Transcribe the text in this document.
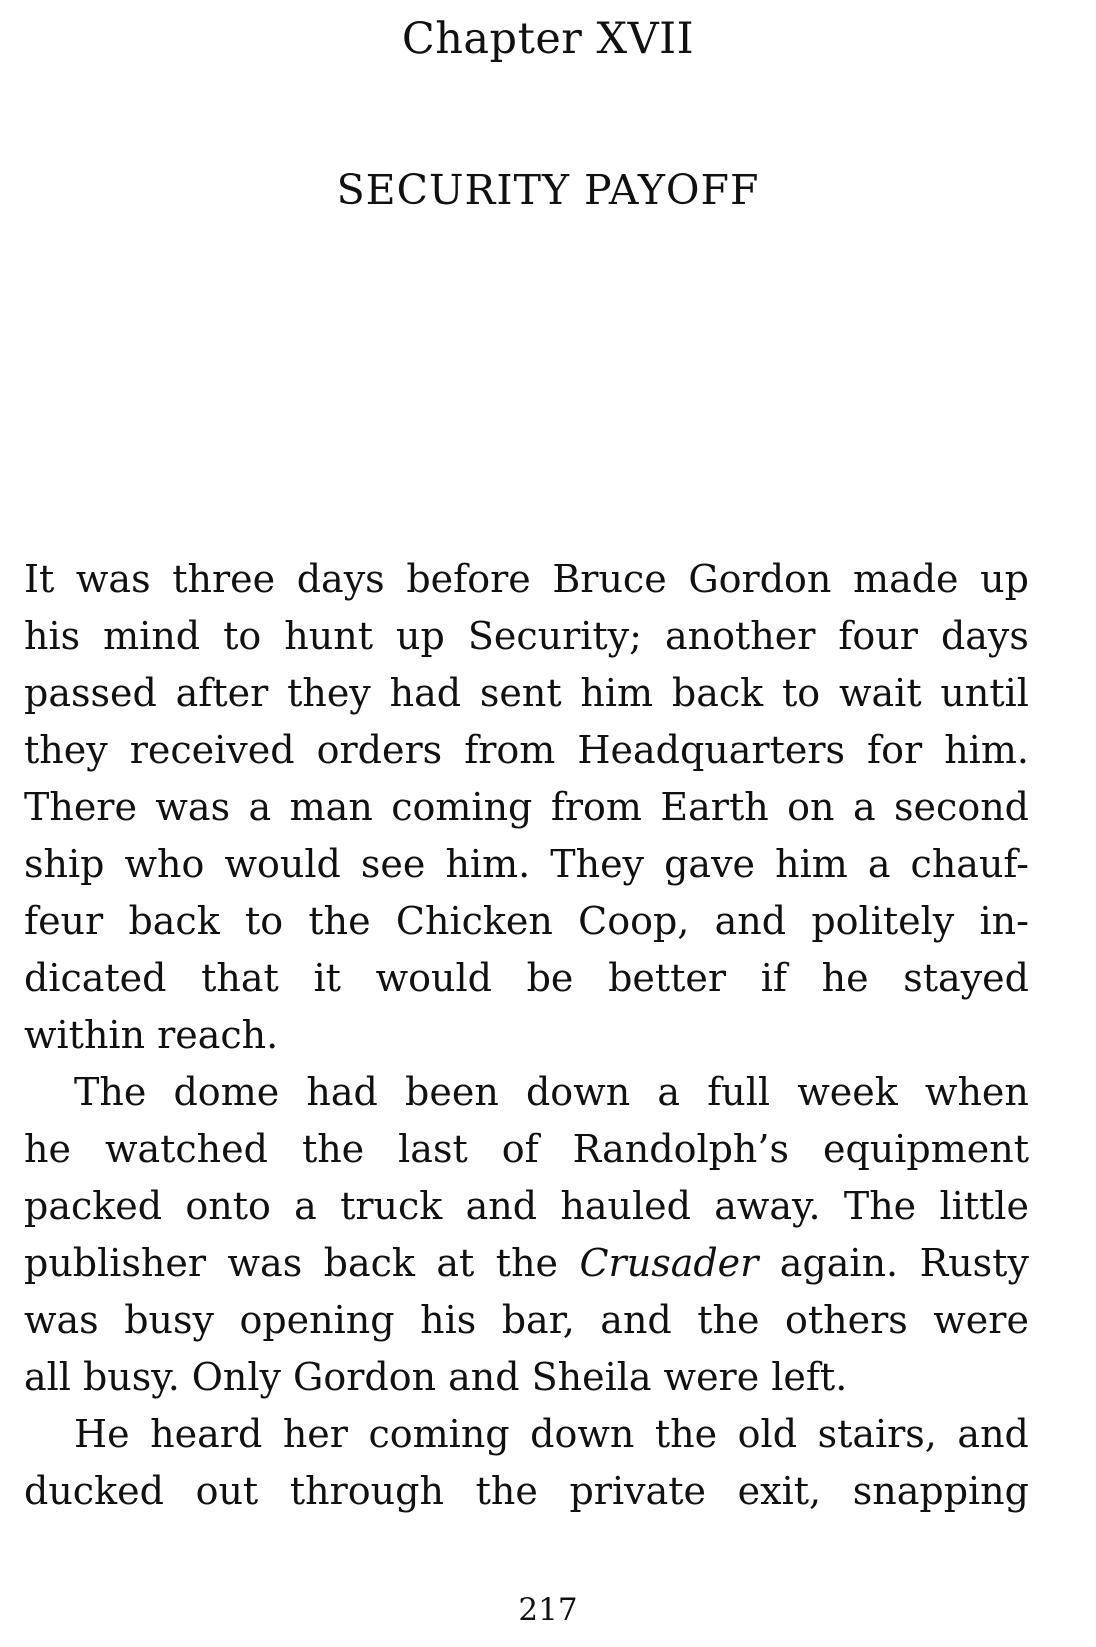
Chapter XVII
SECURITY PAYOFF
It was three days before Bruce Gordon made up
his mind to hunt up Security; another four days
passed after they had sent him back to wait until
they received orders from Headquarters for him.
There was a man coming from Earth on a second
ship who would see him. They gave him a chauf-
feur back to the Chicken Coop, and politely in-
dicated that it would be better if he stayed
within reach.
The dome had been down a full week when
he watched the last of Randolph’s equipment
packed onto a truck and hauled away. The little
publisher was back at the Crusader again. Rusty
was busy opening his bar, and the others were
all busy. Only Gordon and Sheila were left.
He heard her coming down the old stairs, and
ducked out through the private exit, snapping
217
